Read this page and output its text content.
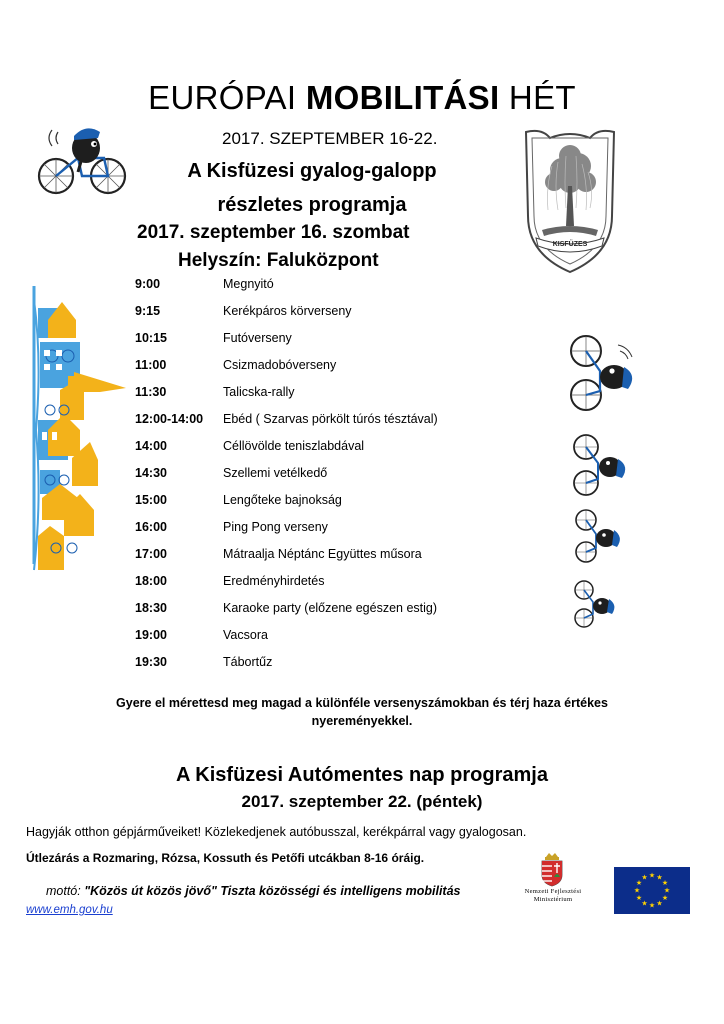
EURÓPAI MOBILITÁSI HÉT
2017. SZEPTEMBER 16-22.
A Kisfüzesi gyalog-galopp
részletes programja
2017. szeptember 16. szombat
Helyszín: Faluközpont
KISFÜZES
9:00	Megnyitó
9:15	Kerékpáros körverseny
10:15	Futóverseny
11:00	Csizmadobóverseny
11:30	Talicska-rally
12:00-14:00 Ebéd ( Szarvas pörkölt túrós tésztával)
14:00	Céllövölde teniszlabdával
14:30	Szellemi vetélkedő
15:00	Lengőteke bajnokság
16:00	Ping Pong verseny
17:00	Mátraalja Néptánc Együttes műsora
18:00	Eredményhirdetés
18:30	Karaoke party (előzene egészen estig)
19:00	Vacsora
19:30	Tábortűz
Gyere el mérettesd meg magad a különféle versenyszámokban és térj haza értékes
nyereményekkel.
A Kisfüzesi Autómentes nap programja
2017. szeptember 22. (péntek)
Hagyják otthon gépjárműveiket! Közlekedjenek autóbusszal, kerékpárral vagy gyalogosan.
Útlezárás a Rozmaring, Rózsa, Kossuth és Petőfi utcákban 8-16 óráig.
mottó: "Közös út közös jövő" Tiszta közösségi és intelligens mobilitás
www.emh.gov.hu
Nemzeti Fejlesztési
Minisztérium
★ ★
★
★
★
★
★
★
★
★
★
★
